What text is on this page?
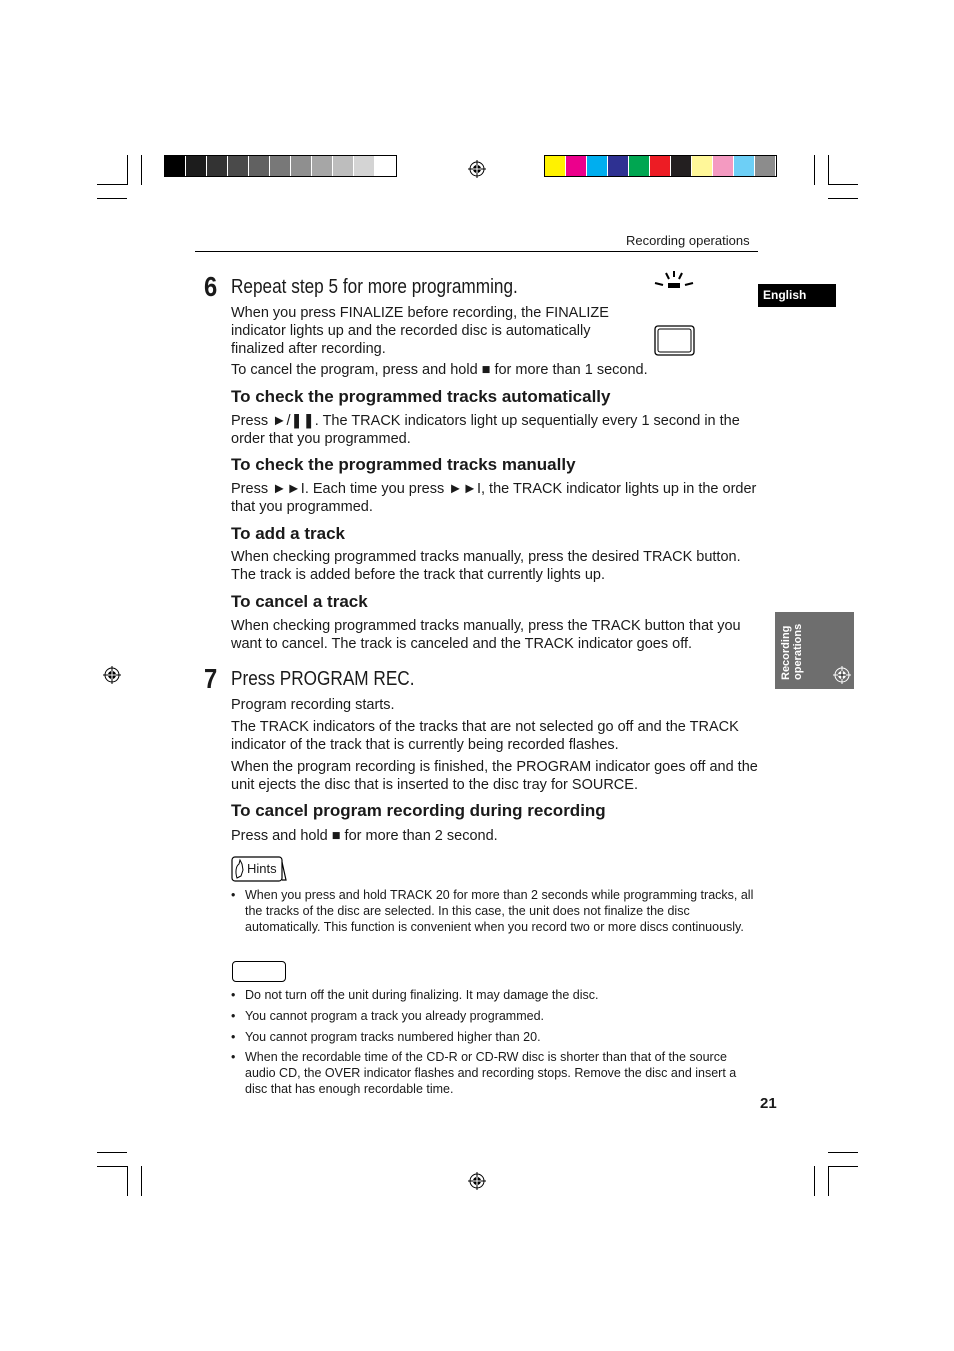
Recording operations
English
Recording operations
6 Repeat step 5 for more programming.
When you press FINALIZE before recording, the FINALIZE indicator lights up and the recorded disc is automatically finalized after recording.
To cancel the program, press and hold ■ for more than 1 second.
To check the programmed tracks automatically
Press ►/❚❚. The TRACK indicators light up sequentially every 1 second in the order that you programmed.
To check the programmed tracks manually
Press ►►I. Each time you press ►►I, the TRACK indicator lights up in the order that you programmed.
To add a track
When checking programmed tracks manually, press the desired TRACK button. The track is added before the track that currently lights up.
To cancel a track
When checking programmed tracks manually, press the TRACK button that you want to cancel. The track is canceled and the TRACK indicator goes off.
7 Press PROGRAM REC.
Program recording starts.
The TRACK indicators of the tracks that are not selected go off and the TRACK indicator of the track that is currently being recorded flashes.
When the program recording is finished, the PROGRAM indicator goes off and the unit ejects the disc that is inserted to the disc tray for SOURCE.
To cancel program recording during recording
Press and hold ■ for more than 2 second.
Hints
• When you press and hold TRACK 20 for more than 2 seconds while programming tracks, all the tracks of the disc are selected. In this case, the unit does not finalize the disc automatically. This function is convenient when you record two or more discs continuously.
• Do not turn off the unit during finalizing. It may damage the disc.
• You cannot program a track you already programmed.
• You cannot program tracks numbered higher than 20.
• When the recordable time of the CD-R or CD-RW disc is shorter than that of the source audio CD, the OVER indicator flashes and recording stops. Remove the disc and insert a disc that has enough recordable time.
21
